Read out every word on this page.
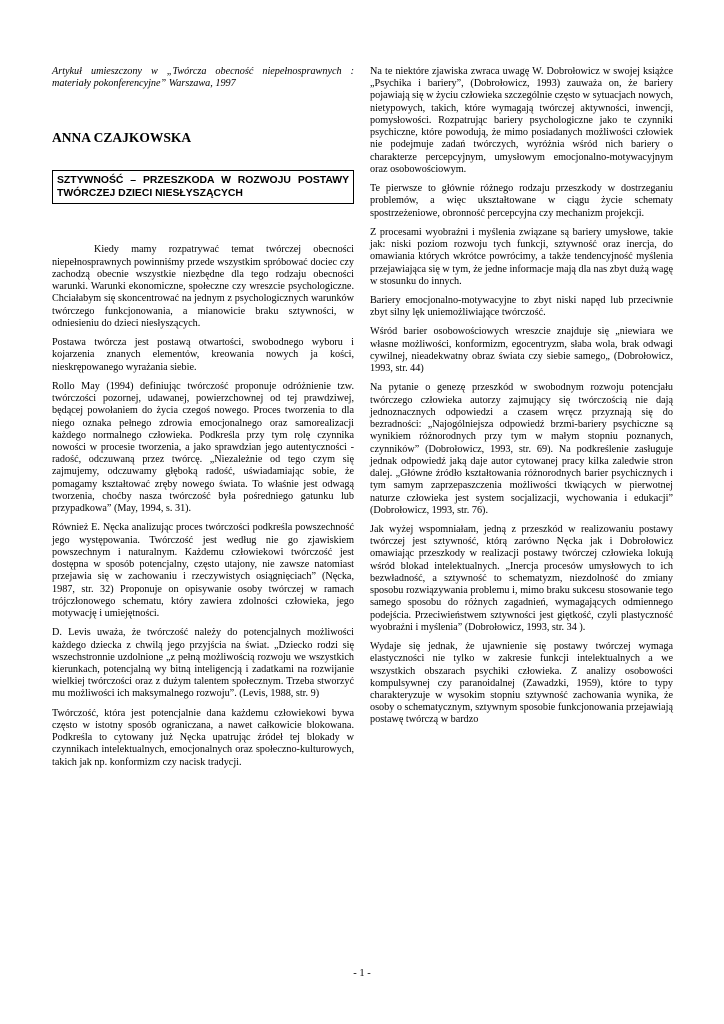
Artykuł umieszczony w „Twórcza obecność niepełnosprawnych : materiały pokonferencyjne” Warszawa, 1997

ANNA CZAJKOWSKA
SZTYWNOŚĆ – PRZESZKODA W ROZWOJU POSTAWY TWÓRCZEJ DZIECI NIESŁYSZĄCYCH

Kiedy mamy rozpatrywać temat twórczej obecności niepełnosprawnych powinniśmy przede wszystkim spróbować dociec czy zachodzą obecnie wszystkie niezbędne dla tego rodzaju obecności warunki. Warunki ekonomiczne, społeczne czy wreszcie psychologiczne. Chciałabym się skoncentrować na jednym z psychologicznych warunków twórczego funkcjonowania, a mianowicie braku sztywności, w odniesieniu do dzieci niesłyszących.

Postawa twórcza jest postawą otwartości, swobodnego wyboru i kojarzenia znanych elementów, kreowania nowych ja kości, nieskrępowanego wyrażania siebie.

Rollo May (1994) definiując twórczość proponuje odróżnienie tzw. twórczości pozornej, udawanej, powierzchownej od tej prawdziwej, będącej powołaniem do życia czegoś nowego. Proces tworzenia to dla niego oznaka pełnego zdrowia emocjonalnego oraz samorealizacji każdego normalnego człowieka. Podkreśla przy tym rolę czynnika nowości w procesie tworzenia, a jako sprawdzian jego autentyczności - radość, odczuwaną przez twórcę. „Niezależnie od tego czym się zajmujemy, odczuwamy głęboką radość, uświadamiając sobie, że pomagamy kształtować zręby nowego świata. To właśnie jest odwagą tworzenia, choćby nasza twórczość była pośredniego gatunku lub przypadkowa” (May, 1994, s. 31).

Również E. Nęcka analizując proces twórczości podkreśla powszechność jego występowania. Twórczość jest według nie go zjawiskiem powszechnym i naturalnym. Każdemu człowiekowi twórczość jest dostępna w sposób potencjalny, często utajony, nie zawsze natomiast przejawia się w zachowaniu i rzeczywistych osiągnięciach” (Nęcka, 1987, str. 32) Proponuje on opisywanie osoby twórczej w ramach trójczłonowego schematu, który zawiera zdolności człowieka, jego motywację i umiejętności.

D. Levis uważa, że twórczość należy do potencjalnych możliwości każdego dziecka z chwilą jego przyjścia na świat. „Dziecko rodzi się wszechstronnie uzdolnione „z pełną możliwością rozwoju we wszystkich kierunkach, potencjalną wy bitną inteligencją i zadatkami na rozwijanie wielkiej twórczości oraz z dużym talentem społecznym. Trzeba stworzyć mu możliwości ich maksymalnego rozwoju”. (Levis, 1988, str. 9)

Twórczość, która jest potencjalnie dana każdemu człowiekowi bywa często w istotny sposób ograniczana, a nawet całkowicie blokowana. Podkreśla to cytowany już Nęcka upatrując źródeł tej blokady w czynnikach intelektualnych, emocjonalnych oraz społeczno-kulturowych, takich jak np. konformizm czy nacisk tradycji.

Na te niektóre zjawiska zwraca uwagę W. Dobrołowicz w swojej książce „Psychika i bariery”, (Dobrołowicz, 1993) zauważa on, że bariery pojawiają się w życiu człowieka szczególnie często w sytuacjach nowych, nietypowych, takich, które wymagają twórczej aktywności, inwencji, pomysłowości. Rozpatrując bariery psychologiczne jako te czynniki psychiczne, które powodują, że mimo posiadanych możliwości człowiek nie podejmuje zadań twórczych, wyróżnia wśród nich bariery o charakterze percepcyjnym, umysłowym emocjonalno-motywacyjnym oraz osobowościowym.

Te pierwsze to głównie różnego rodzaju przeszkody w dostrzeganiu problemów, a więc ukształtowane w ciągu życie schematy spostrzeżeniowe, obronność percepcyjna czy mechanizm projekcji.

Z procesami wyobraźni i myślenia związane są bariery umysłowe, takie jak: niski poziom rozwoju tych funkcji, sztywność oraz inercja, do omawiania których wkrótce powrócimy, a także tendencyjność myślenia przejawiająca się w tym, że jedne informacje mają dla nas zbyt dużą wagę w stosunku do innych.

Bariery emocjonalno-motywacyjne to zbyt niski napęd lub przeciwnie zbyt silny lęk uniemożliwiające twórczość.

Wśród barier osobowościowych wreszcie znajduje się „niewiara we własne możliwości, konformizm, egocentryzm, słaba wola, brak odwagi cywilnej, nieadekwatny obraz świata czy siebie samego„ (Dobrołowicz, 1993, str. 44)

Na pytanie o genezę przeszkód w swobodnym rozwoju potencjału twórczego człowieka autorzy zajmujący się twórczością nie dają jednoznacznych odpowiedzi a czasem wręcz przyznają się do bezradności: „Najogólniejsza odpowiedź brzmi-bariery psychiczne są wynikiem różnorodnych przy tym w małym stopniu poznanych, czynników” (Dobrołowicz, 1993, str. 69). Na podkreślenie zasługuje jednak odpowiedź jaką daje autor cytowanej pracy kilka zaledwie stron dalej. „Główne źródło kształtowania różnorodnych barier psychicznych i tym samym zaprzepaszczenia możliwości tkwiących w pierwotnej naturze człowieka jest system socjalizacji, wychowania i edukacji” (Dobrołowicz, 1993, str. 76).

Jak wyżej wspomniałam, jedną z przeszkód w realizowaniu postawy twórczej jest sztywność, którą zarówno Nęcka jak i Dobrołowicz omawiając przeszkody w realizacji postawy twórczej człowieka lokują wśród blokad intelektualnych. „Inercja procesów umysłowych to ich bezwładność, a sztywność to schematyzm, niezdolność do zmiany sposobu rozwiązywania problemu i, mimo braku sukcesu stosowanie tego samego sposobu do różnych zagadnień, wymagających odmiennego podejścia. Przeciwieństwem sztywności jest giętkość, czyli plastyczność wyobraźni i myślenia” (Dobrołowicz, 1993, str. 34 ).

Wydaje się jednak, że ujawnienie się postawy twórczej wymaga elastyczności nie tylko w zakresie funkcji intelektualnych a we wszystkich obszarach psychiki człowieka. Z analizy osobowości kompulsywnej czy paranoidalnej (Zawadzki, 1959), które to typy charakteryzuje w wysokim stopniu sztywność zachowania wynika, że osoby o schematycznym, sztywnym sposobie funkcjonowania przejawiają postawę twórczą w bardzo

- 1 -
